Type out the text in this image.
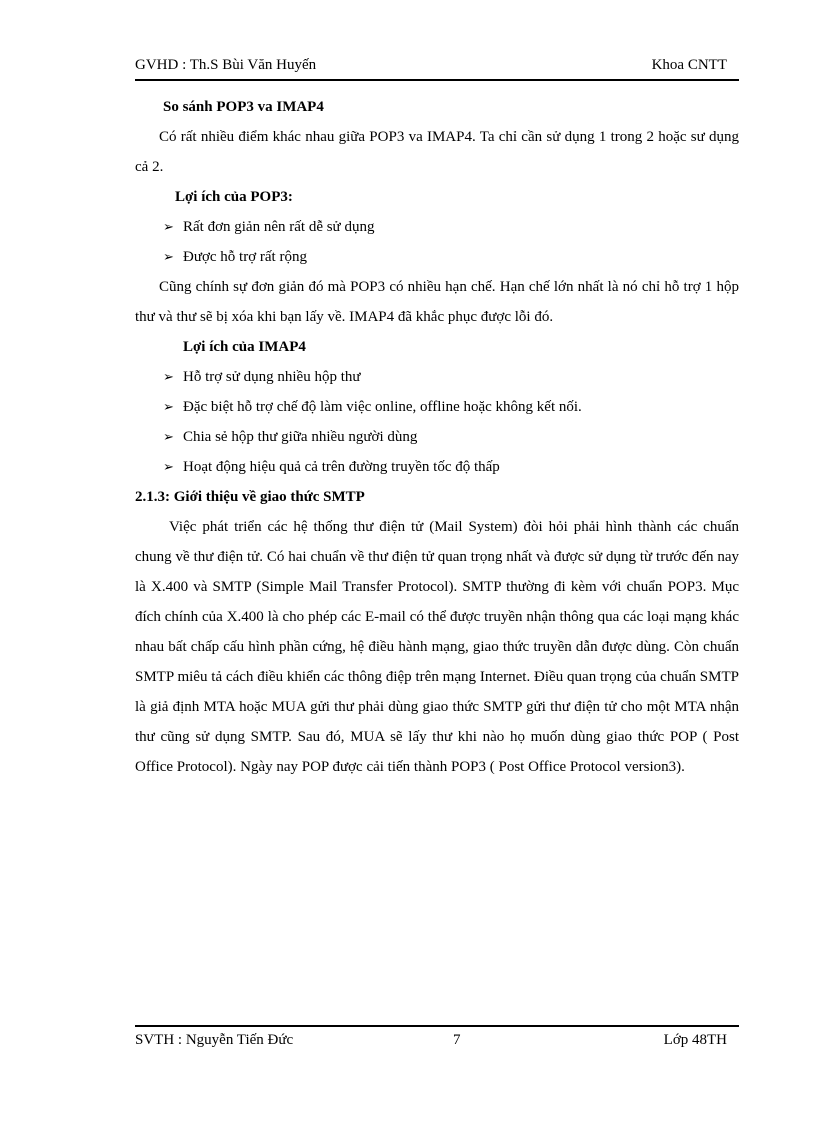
GVHD : Th.S Bùi Văn Huyến	Khoa CNTT

So sánh POP3 va IMAP4

Có rất nhiều điểm khác nhau giữa POP3 va IMAP4. Ta chỉ cần sử dụng 1 trong 2 hoặc sư dụng cả 2.

Lợi ích của POP3:

➢ Rất đơn giản nên rất dễ sử dụng

➢ Được hỗ trợ rất rộng

Cũng chính sự đơn giản đó mà POP3 có nhiều hạn chế. Hạn chế lớn nhất là nó chỉ hỗ trợ 1 hộp thư và thư sẽ bị xóa khi bạn lấy về. IMAP4 đã khắc phục được lỗi đó.

Lợi ích của IMAP4

➢ Hỗ trợ sử dụng nhiều hộp thư

➢ Đặc biệt hỗ trợ chế độ làm việc online, offline hoặc không kết nối.

➢ Chia sẻ hộp thư giữa nhiều người dùng

➢ Hoạt động hiệu quả cả trên đường truyền tốc độ thấp

2.1.3: Giới thiệu về giao thức SMTP

Việc phát triển các hệ thống thư điện tử (Mail System) đòi hỏi phải hình thành các chuẩn chung về thư điện tử. Có hai chuẩn về thư điện tử quan trọng nhất và được sử dụng từ trước đến nay là X.400 và SMTP (Simple Mail Transfer Protocol). SMTP thường đi kèm với chuẩn POP3. Mục đích chính của X.400 là cho phép các E-mail có thể được truyền nhận thông qua các loại mạng khác nhau bất chấp cấu hình phần cứng, hệ điều hành mạng, giao thức truyền dẫn được dùng. Còn chuẩn SMTP miêu tả cách điều khiển các thông điệp trên mạng Internet. Điều quan trọng của chuẩn SMTP là giả định MTA hoặc MUA gửi thư phải dùng giao thức SMTP gửi thư điện tử cho một MTA nhận thư cũng sử dụng SMTP. Sau đó, MUA sẽ lấy thư khi nào họ muốn dùng giao thức POP ( Post Office Protocol). Ngày nay POP được cải tiến thành POP3 ( Post Office Protocol version3).

SVTH : Nguyễn Tiến Đức	7	Lớp 48TH
